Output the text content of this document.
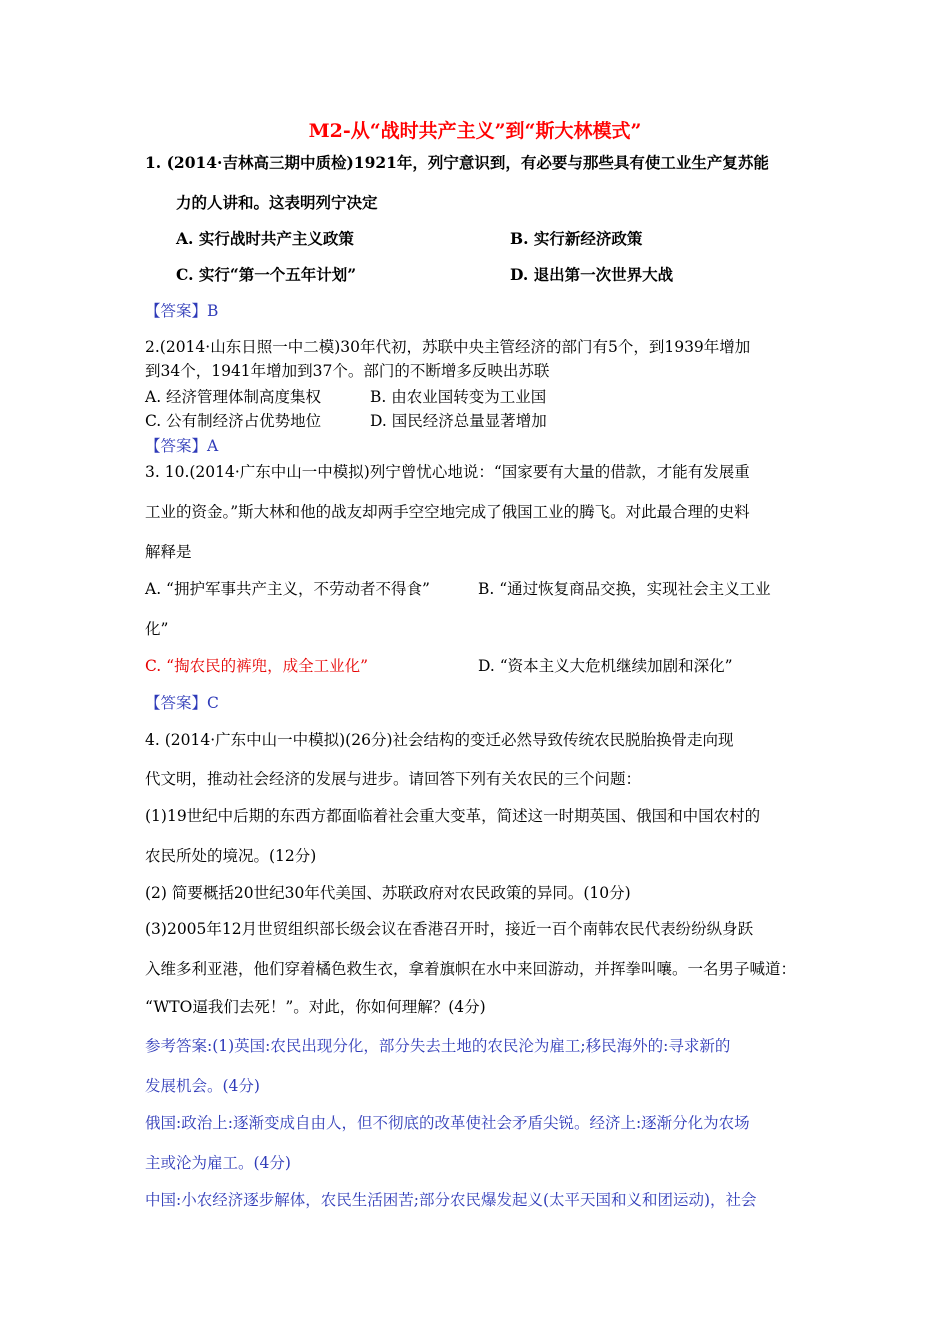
M2-从“战时共产主义”到“斯大林模式”
1. (2014·吉林高三期中质检)1921年，列宁意识到，有必要与那些具有使工业生产复苏能
力的人讲和。这表明列宁决定
A. 实行战时共产主义政策	B. 实行新经济政策
C. 实行“第一个五年计划”	D. 退出第一次世界大战
【答案】B
2.(2014·山东日照一中二模)30年代初，苏联中央主管经济的部门有5个，到1939年增加
到34个，1941年增加到37个。部门的不断增多反映出苏联
A. 经济管理体制高度集权	B. 由农业国转变为工业国
C. 公有制经济占优势地位	D. 国民经济总量显著增加
【答案】A
3. 10.(2014·广东中山一中模拟)列宁曾忧心地说：“国家要有大量的借款，才能有发展重
工业的资金。”斯大林和他的战友却两手空空地完成了俄国工业的腾飞。对此最合理的史料
解释是
A. “拥护军事共产主义，不劳动者不得食”	B. “通过恢复商品交换，实现社会主义工业
化”
C. “掏农民的裤兜，成全工业化”	D. “资本主义大危机继续加剧和深化”
【答案】C
4. (2014·广东中山一中模拟)(26分)社会结构的变迁必然导致传统农民脱胎换骨走向现
代文明，推动社会经济的发展与进步。请回答下列有关农民的三个问题：
(1)19世纪中后期的东西方都面临着社会重大变革，简述这一时期英国、俄国和中国农村的
农民所处的境况。(12分)
(2) 简要概括20世纪30年代美国、苏联政府对农民政策的异同。(10分)
(3)2005年12月世贸组织部长级会议在香港召开时，接近一百个南韩农民代表纷纷纵身跃
入维多利亚港，他们穿着橘色救生衣，拿着旗帜在水中来回游动，并挥拳叫嚷。一名男子喊道：
“WTO逼我们去死！”。对此，你如何理解？(4分)
参考答案:(1)英国:农民出现分化，部分失去土地的农民沦为雇工;移民海外的:寻求新的
发展机会。(4分)
俄国:政治上:逐渐变成自由人，但不彻底的改革使社会矛盾尖锐。经济上:逐渐分化为农场
主或沦为雇工。(4分)
中国:小农经济逐步解体，农民生活困苦;部分农民爆发起义(太平天国和义和团运动)，社会
